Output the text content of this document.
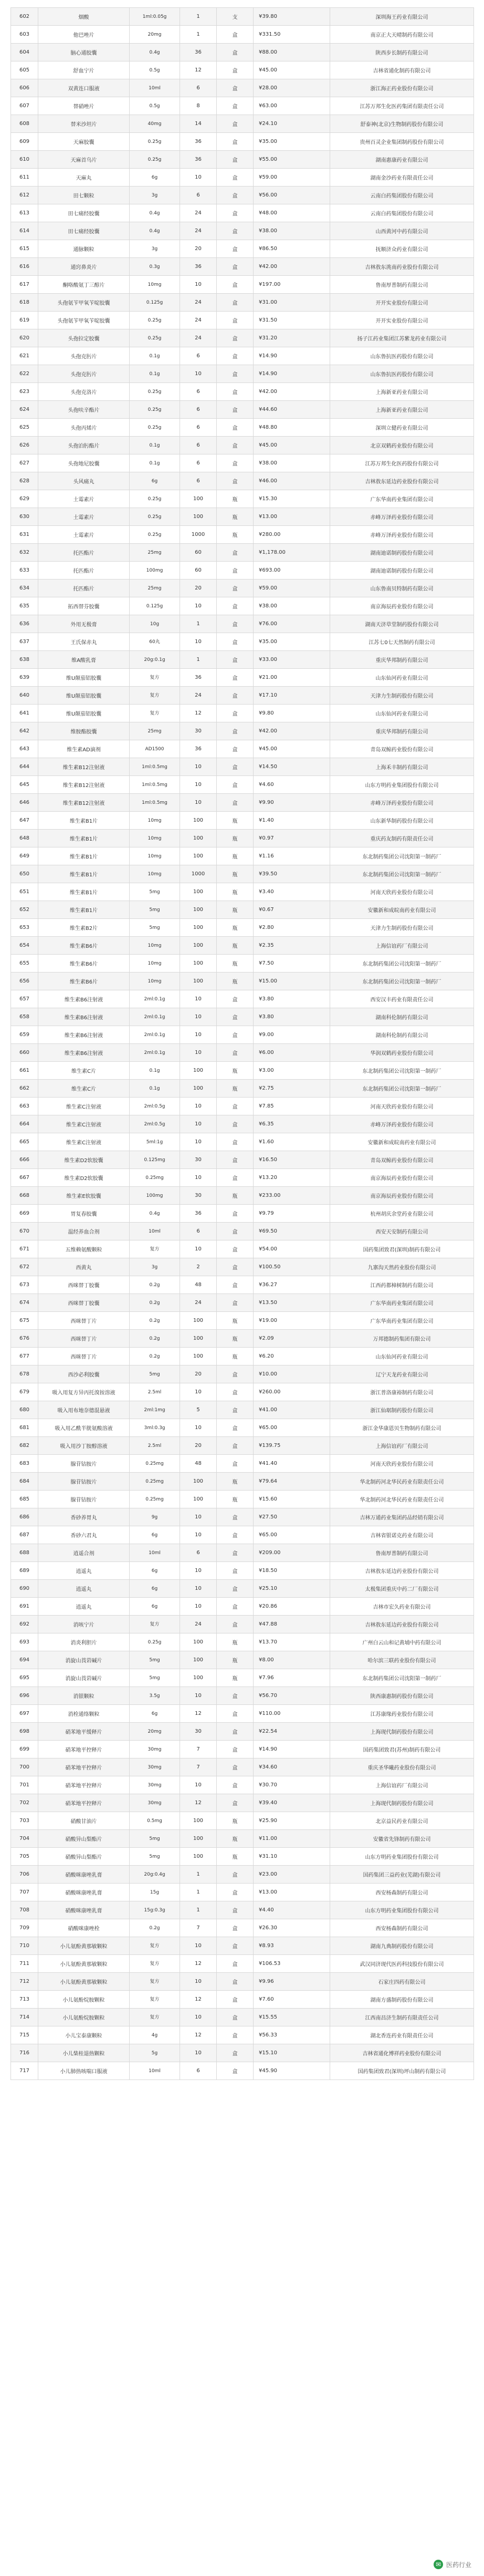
602	烟酸	1ml:0.05g	1	支	¥39.80	深圳海王药业有限公司
603	他巴唑片	20mg	1	盒	¥331.50	南京正大天晴制药有限公司
604	脑心通胶囊	0.4g	36	盒	¥88.00	陕西步长制药有限公司
605	舒血宁片	0.5g	12	盒	¥45.00	吉林省通化制药有限公司
606	双黄连口服液	10ml	6	盒	¥28.00	浙江海正药业股份有限公司
607	替硝唑片	0.5g	8	盒	¥63.00	江苏万邦生化医药集团有限责任公司
608	替米沙坦片	40mg	14	盒	¥24.10	舒泰神(北京)生物制药股份有限公司
609	天麻胶囊	0.25g	36	盒	¥35.00	贵州百灵企业集团制药股份有限公司
610	天麻首乌片	0.25g	36	盒	¥55.00	湖南惠康药业有限公司
611	天麻丸	6g	10	盒	¥59.00	湖南金沙药业有限责任公司
612	田七颗粒	3g	6	盒	¥56.00	云南白药集团股份有限公司
613	田七痛经胶囊	0.4g	24	盒	¥48.00	云南白药集团股份有限公司
614	田七痛经胶囊	0.4g	24	盒	¥38.00	山西黄河中药有限公司
615	通脉颗粒	3g	20	盒	¥86.50	抚顺济众药业有限公司
616	通窍鼻炎片	0.3g	36	盒	¥42.00	吉林敖东洮南药业股份有限公司
617	酮咯酸氨丁三醇片	10mg	10	盒	¥197.00	鲁南厚普制药有限公司
618	头孢氨苄甲氧苄啶胶囊	0.125g	24	盒	¥31.00	开开实业股份有限公司
619	头孢氨苄甲氧苄啶胶囊	0.25g	24	盒	¥31.50	开开实业股份有限公司
620	头孢拉定胶囊	0.25g	24	盒	¥31.20	扬子江药业集团江苏紫龙药业有限公司
621	头孢克肟片	0.1g	6	盒	¥14.90	山东鲁抗医药股份有限公司
622	头孢克肟片	0.1g	10	盒	¥14.90	山东鲁抗医药股份有限公司
623	头孢克洛片	0.25g	6	盒	¥42.00	上海新亚药业有限公司
624	头孢呋辛酯片	0.25g	6	盒	¥44.60	上海新亚药业有限公司
625	头孢丙烯片	0.25g	6	盒	¥48.80	深圳立健药业有限公司
626	头孢泊肟酯片	0.1g	6	盒	¥45.00	北京双鹤药业股份有限公司
627	头孢地尼胶囊	0.1g	6	盒	¥38.00	江苏万邦生化医药股份有限公司
628	头风痛丸	6g	6	盒	¥46.00	吉林敖东延边药业股份有限公司
629	土霉素片	0.25g	100	瓶	¥15.30	广东华南药业集团有限公司
630	土霉素片	0.25g	100	瓶	¥13.00	赤峰万泽药业股份有限公司
631	土霉素片	0.25g	1000	瓶	¥280.00	赤峰万泽药业股份有限公司
632	托匹酯片	25mg	60	盒	¥1,178.00	湖南迪诺制药股份有限公司
633	托匹酯片	100mg	60	盒	¥693.00	湖南迪诺制药股份有限公司
634	托匹酯片	25mg	20	盒	¥59.00	山东鲁南贝特制药有限公司
635	拓西替芬胶囊	0.125g	10	盒	¥38.00	南京海辰药业股份有限公司
636	外用无极膏	10g	1	盒	¥76.00	湖南天济草堂制药股份有限公司
637	王氏保赤丸	60丸	10	盒	¥35.00	江苏七0七天然制药有限公司
638	维A酸乳膏	20g:0.1g	1	盒	¥33.00	重庆华邦制药有限公司
639	维U颠茄铝胶囊	复方	36	盒	¥21.00	山东仙河药业有限公司
640	维U颠茄铝胶囊	复方	24	盒	¥17.10	天津力生制药股份有限公司
641	维U颠茄铝胶囊	复方	12	盒	¥9.80	山东仙河药业有限公司
642	维胺酯胶囊	25mg	30	盒	¥42.00	重庆华邦制药有限公司
643	维生素AD滴剂	AD1500	36	盒	¥45.00	青岛双鲸药业股份有限公司
644	维生素B12注射液	1ml:0.5mg	10	盒	¥14.50	上海禾丰制药有限公司
645	维生素B12注射液	1ml:0.5mg	10	盒	¥4.60	山东方明药业集团股份有限公司
646	维生素B12注射液	1ml:0.5mg	10	盒	¥9.90	赤峰万泽药业股份有限公司
647	维生素B1片	10mg	100	瓶	¥1.40	山东新华制药股份有限公司
648	维生素B1片	10mg	100	瓶	¥0.97	重庆药友制药有限责任公司
649	维生素B1片	10mg	100	瓶	¥1.16	东北制药集团公司沈阳第一制药厂
650	维生素B1片	10mg	1000	瓶	¥39.50	东北制药集团公司沈阳第一制药厂
651	维生素B1片	5mg	100	瓶	¥3.40	河南天欣药业股份有限公司
652	维生素B1片	5mg	100	瓶	¥0.67	安徽新和成皖南药业有限公司
653	维生素B2片	5mg	100	瓶	¥2.80	天津力生制药股份有限公司
654	维生素B6片	10mg	100	瓶	¥2.35	上海信谊药厂有限公司
655	维生素B6片	10mg	100	瓶	¥7.50	东北制药集团公司沈阳第一制药厂
656	维生素B6片	10mg	100	瓶	¥15.00	东北制药集团公司沈阳第一制药厂
657	维生素B6注射液	2ml:0.1g	10	盒	¥3.80	西安汉丰药业有限责任公司
658	维生素B6注射液	2ml:0.1g	10	盒	¥3.80	湖南科伦制药有限公司
659	维生素B6注射液	2ml:0.1g	10	盒	¥9.00	湖南科伦制药有限公司
660	维生素B6注射液	2ml:0.1g	10	盒	¥6.00	华润双鹤药业股份有限公司
661	维生素C片	0.1g	100	瓶	¥3.00	东北制药集团公司沈阳第一制药厂
662	维生素C片	0.1g	100	瓶	¥2.75	东北制药集团公司沈阳第一制药厂
663	维生素C注射液	2ml:0.5g	10	盒	¥7.85	河南天欣药业股份有限公司
664	维生素C注射液	2ml:0.5g	10	盒	¥6.35	赤峰万泽药业股份有限公司
665	维生素C注射液	5ml:1g	10	盒	¥1.60	安徽新和成皖南药业有限公司
666	维生素D2软胶囊	0.125mg	30	盒	¥16.50	青岛双鲸药业股份有限公司
667	维生素D2软胶囊	0.25mg	10	盒	¥13.20	南京海辰药业股份有限公司
668	维生素E软胶囊	100mg	30	瓶	¥233.00	南京海辰药业股份有限公司
669	胃复春胶囊	0.4g	36	盒	¥9.79	杭州胡庆余堂药业有限公司
670	温经养血合剂	10ml	6	盒	¥69.50	西安天安制药有限公司
671	五维赖氨酸颗粒	复方	10	盒	¥54.00	国药集团致君(深圳)制药有限公司
672	西黄丸	3g	2	盒	¥100.50	九寨沟天然药业股份有限公司
673	西咪替丁胶囊	0.2g	48	盒	¥36.27	江西药都樟树制药有限公司
674	西咪替丁胶囊	0.2g	24	盒	¥13.50	广东华南药业集团有限公司
675	西咪替丁片	0.2g	100	瓶	¥19.00	广东华南药业集团有限公司
676	西咪替丁片	0.2g	100	瓶	¥2.09	万邦德制药集团有限公司
677	西咪替丁片	0.2g	100	瓶	¥6.20	山东仙河药业有限公司
678	西沙必利胶囊	5mg	20	盒	¥10.00	辽宁天龙药业有限公司
679	吸入用复方异丙托溴铵溶液	2.5ml	10	盒	¥260.00	浙江普洛康裕制药有限公司
680	吸入用布地奈德混悬液	2ml:1mg	5	盒	¥41.00	浙江仙琚制药股份有限公司
681	吸入用乙酰半胱氨酸溶液	3ml:0.3g	10	盒	¥65.00	浙江金华康恩贝生物制药有限公司
682	吸入用沙丁胺醇溶液	2.5ml	20	盒	¥139.75	上海信谊药厂有限公司
683	腺苷钴胺片	0.25mg	48	盒	¥41.40	河南天欣药业股份有限公司
684	腺苷钴胺片	0.25mg	100	瓶	¥79.64	华北制药河北华民药业有限责任公司
685	腺苷钴胺片	0.25mg	100	瓶	¥15.60	华北制药河北华民药业有限责任公司
686	香砂养胃丸	9g	10	盒	¥27.50	吉林万通药业集团药品经销有限公司
687	香砂六君丸	6g	10	盒	¥65.00	吉林省银诺克药业有限公司
688	逍遥合剂	10ml	6	盒	¥209.00	鲁南厚普制药有限公司
689	逍遥丸	6g	10	盒	¥18.50	吉林敖东延边药业股份有限公司
690	逍遥丸	6g	10	盒	¥25.10	太极集团重庆中药二厂有限公司
691	逍遥丸	6g	10	盒	¥20.86	吉林市宏久药业有限公司
692	消咳宁片	复方	24	盒	¥47.88	吉林敖东延边药业股份有限公司
693	消炎利胆片	0.25g	100	瓶	¥13.70	广州白云山和记黄埔中药有限公司
694	消旋山莨菪碱片	5mg	100	瓶	¥8.00	哈尔滨三联药业股份有限公司
695	消旋山莨菪碱片	5mg	100	瓶	¥7.96	东北制药集团公司沈阳第一制药厂
696	消银颗粒	3.5g	10	盒	¥56.70	陕西康惠制药股份有限公司
697	消栓通络颗粒	6g	12	盒	¥110.00	江苏康缘药业股份有限公司
698	硝苯地平缓释片	20mg	30	盒	¥22.54	上海现代制药股份有限公司
699	硝苯地平控释片	30mg	7	盒	¥14.90	国药集团致君(苏州)制药有限公司
700	硝苯地平控释片	30mg	7	盒	¥34.60	重庆圣华曦药业股份有限公司
701	硝苯地平控释片	30mg	10	盒	¥30.70	上海信谊药厂有限公司
702	硝苯地平控释片	30mg	12	盒	¥39.40	上海现代制药股份有限公司
703	硝酸甘油片	0.5mg	100	瓶	¥25.90	北京益民药业有限公司
704	硝酸异山梨酯片	5mg	100	瓶	¥11.00	安徽省先锋制药有限公司
705	硝酸异山梨酯片	5mg	100	瓶	¥31.10	山东方明药业集团股份有限公司
706	硝酸咪康唑乳膏	20g:0.4g	1	盒	¥23.00	国药集团三益药业(芜湖)有限公司
707	硝酸咪康唑乳膏	15g	1	盒	¥13.00	西安杨森制药有限公司
708	硝酸咪康唑乳膏	15g:0.3g	1	盒	¥4.40	山东方明药业集团股份有限公司
709	硝酸咪康唑栓	0.2g	7	盒	¥26.30	西安杨森制药有限公司
710	小儿氨酚黄那敏颗粒	复方	10	盒	¥8.93	湖南九典制药股份有限公司
711	小儿氨酚黄那敏颗粒	复方	12	盒	¥106.53	武汉同济现代医药科技股份有限公司
712	小儿氨酚黄那敏颗粒	复方	10	盒	¥9.96	石家庄四药有限公司
713	小儿氨酚烷胺颗粒	复方	12	盒	¥7.60	湖南方盛制药股份有限公司
714	小儿氨酚烷胺颗粒	复方	10	盒	¥15.55	江西南昌济生制药有限责任公司
715	小儿宝泰康颗粒	4g	12	盒	¥56.33	湖北香连药业有限责任公司
716	小儿柴桂退热颗粒	5g	10	盒	¥15.10	吉林省通化博祥药业股份有限公司
717	小儿肺热咳喘口服液	10ml	6	盒	¥45.90	国药集团致君(深圳)坪山制药有限公司
✉ 医药行业
